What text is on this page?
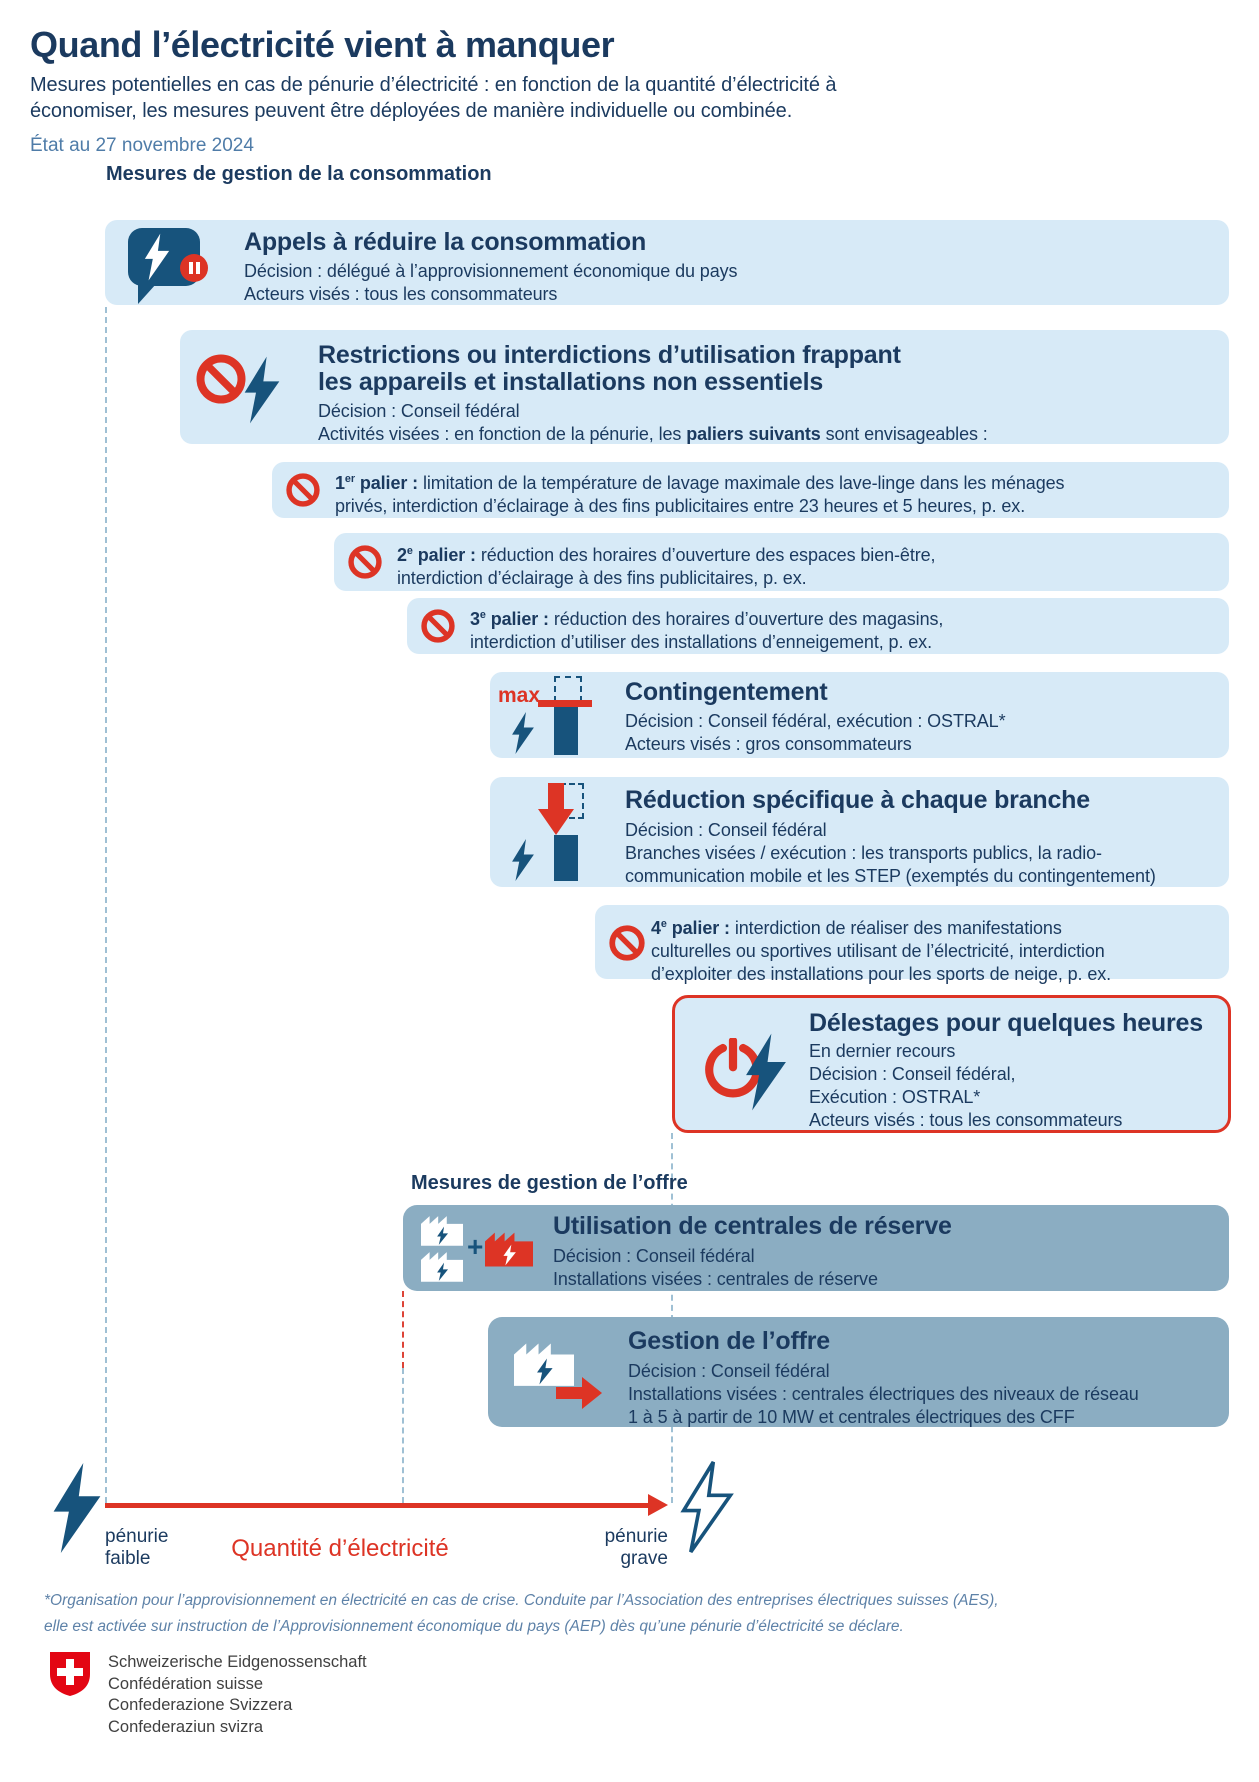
Quand l’électricité vient à manquer
Mesures potentielles en cas de pénurie d’électricité : en fonction de la quantité d’électricité à
économiser, les mesures peuvent être déployées de manière individuelle ou combinée.
État au 27 novembre 2024
Mesures de gestion de la consommation
Appels à réduire la consommation
Décision : délégué à l’approvisionnement économique du pays
Acteurs visés : tous les consommateurs
Restrictions ou interdictions d’utilisation frappant
les appareils et installations non essentiels
Décision : Conseil fédéral
Activités visées : en fonction de la pénurie, les paliers suivants sont envisageables :
1er palier : limitation de la température de lavage maximale des lave-linge dans les ménages
privés, interdiction d’éclairage à des fins publicitaires entre 23 heures et 5 heures, p. ex.
2e palier : réduction des horaires d’ouverture des espaces bien-être,
interdiction d’éclairage à des fins publicitaires, p. ex.
3e palier : réduction des horaires d’ouverture des magasins,
interdiction d’utiliser des installations d’enneigement, p. ex.
max	Contingentement
Décision : Conseil fédéral, exécution : OSTRAL*
Acteurs visés : gros consommateurs
Réduction spécifique à chaque branche
Décision : Conseil fédéral
Branches visées / exécution : les transports publics, la radio-
communication mobile et les STEP (exemptés du contingentement)
4e palier : interdiction de réaliser des manifestations
culturelles ou sportives utilisant de l’électricité, interdiction
d’exploiter des installations pour les sports de neige, p. ex.
Délestages pour quelques heures
En dernier recours
Décision : Conseil fédéral,
Exécution : OSTRAL*
Acteurs visés : tous les consommateurs
Mesures de gestion de l’offre
+
Utilisation de centrales de réserve
Décision : Conseil fédéral
Installations visées : centrales de réserve
Gestion de l’offre
Décision : Conseil fédéral
Installations visées : centrales électriques des niveaux de réseau
1 à 5 à partir de 10 MW et centrales électriques des CFF
pénurie
faible	Quantité d’électricité	pénurie
grave
*Organisation pour l’approvisionnement en électricité en cas de crise. Conduite par l’Association des entreprises électriques suisses (AES),
elle est activée sur instruction de l’Approvisionnement économique du pays (AEP) dès qu’une pénurie d’électricité se déclare.
Schweizerische Eidgenossenschaft
Confédération suisse
Confederazione Svizzera
Confederaziun svizra
